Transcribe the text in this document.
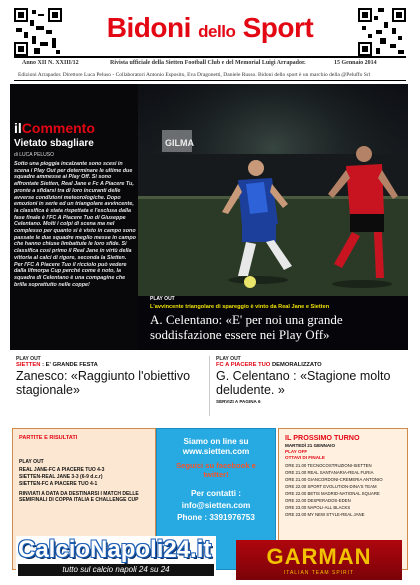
Bidoni dello Sport
Anno XII N. XXIII/12	Rivista ufficiale della Sietten Football Club e del Memorial Luigi Arrapador.	15 Gennaio 2014
Edizioni Arrapador. Direttore Luca Peluso - Collaboratori Antonio Esposito, Eva Dragonetti, Daniele Russo. Bidoni dello sport è un marchio della @Peluffo Srl
GILMA
ilCommento
Vietato sbagliare
di LUCA PELUSO
Sotto una pioggia incalzante sono scesi in scena i Play Out per determinare le ultime due squadre ammesse ai Play Off. Si sono affrontate Sietten, Real Jane e Fc A Piacere Tu, pronte a sfidarsi tra di loro incuranti delle avverse condizioni meteorologiche. Dopo emozioni in serie ed un triangolare avvincente, la classifica è stata rispettata e l'esclusa dalla fase finale è l'FC A Piacere Tuo di Giuseppe Celentano. Molti i colpi di scena ma nel complesso per quanto si è visto in campo sono passate le due squadre meglio messe in campo che hanno chiuse limbattute le loro sfide. Si classifica così primo il Real Jane in virtù della vittoria al calci di rigore, seconda la Sietten. Per l'FC A Piacere Tuo il ricciolo può vedere dalla lifmorpa Cup perché come è noto, la squadra di Celentano è una compagine che brilla soprattutto nelle coppe!
PLAY OUT
L'avvincente triangolare di spareggio è vinto da Real Jane e Sietten
A. Celentano: «E' per noi una grande soddisfazione essere nei Play Off»
PLAY OUT
SIETTEN : E' GRANDE FESTA
Zanesco: «Raggiunto l'obiettivo stagionale»
PLAY OUT
FC A PIACERE TUO DEMORALIZZATO
G. Celentano : «Stagione molto deludente. »
SERVIZI A PAGINA 6
PARTITE E RISULTATI
PLAY OUT
REAL JANE-FC A PIACERE TUO 4-3
SIETTEN-REAL JANE 3-3 (6-9 d.c.r)
SIETTEN-FC A PIACERE TUO 4-1
RINVIATI A DATA DA DESTINARSI I MATCH DELLE SEMIFINALI DI COPPA ITALIA E CHALLENGE CUP
Siamo on line su
www.sietten.com
Seguici su facebook e twitter!
Per contatti :
info@sietten.com
Phone : 3391976753
IL PROSSIMO TURNO
MARTEDÌ 21 GENNAIO
PLAY OFF
OTTAVI DI FINALE
ORE 21.00 TECNOCOSTRUZIONI-SIETTEN
ORE 21.00 REAL SANTANARIA-REAL FURIA
ORE 21.00 GIANCORDONI-CREMERIA ANTONIO
ORE 22.00 SPORT EVOLUTION-DINA'S TEAM
ORE 22.00 BETIS MADRID-NATIONAL SQUARE
ORE 22.00 DESPERADOS-EDEN
ORE 23.00 NAPOLI-ALL BLACKS
ORE 23.00 MY NEW STYLE-REAL JANE
CalcioNapoli24.it
tutto sul calcio napoli 24 su 24
GARMAN
ITALIAN TEAM SPIRIT
